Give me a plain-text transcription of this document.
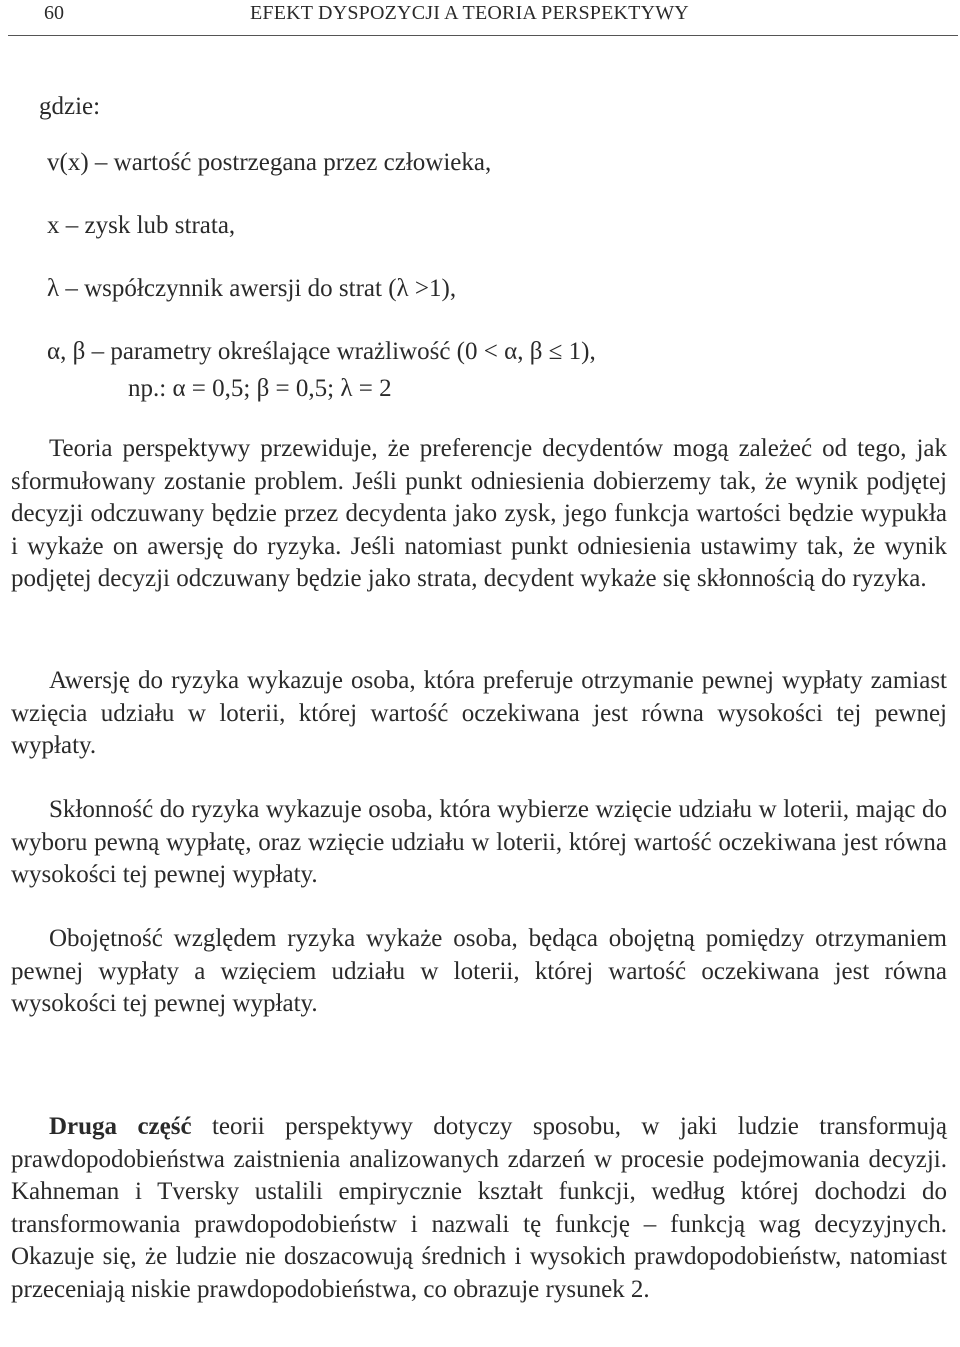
60	EFEKT DYSPOZYCJI A TEORIA PERSPEKTYWY
gdzie:
v(x) – wartość postrzegana przez człowieka,
x – zysk lub strata,
λ – współczynnik awersji do strat (λ >1),
α, β – parametry określające wrażliwość (0 < α, β ≤ 1),
np.: α = 0,5; β = 0,5; λ = 2
Teoria perspektywy przewiduje, że preferencje decydentów mogą zależeć od tego, jak sformułowany zostanie problem. Jeśli punkt odniesienia dobierzemy tak, że wynik podjętej decyzji odczuwany będzie przez decydenta jako zysk, jego funkcja wartości będzie wypukła i wykaże on awersję do ryzyka. Jeśli natomiast punkt odniesienia ustawimy tak, że wynik podjętej decyzji odczuwany będzie jako strata, decydent wykaże się skłonnością do ryzyka.
Awersję do ryzyka wykazuje osoba, która preferuje otrzymanie pewnej wypłaty zamiast wzięcia udziału w loterii, której wartość oczekiwana jest równa wysokości tej pewnej wypłaty.
Skłonność do ryzyka wykazuje osoba, która wybierze wzięcie udziału w loterii, mając do wyboru pewną wypłatę, oraz wzięcie udziału w loterii, której wartość oczekiwana jest równa wysokości tej pewnej wypłaty.
Obojętność względem ryzyka wykaże osoba, będąca obojętną pomiędzy otrzymaniem pewnej wypłaty a wzięciem udziału w loterii, której wartość oczekiwana jest równa wysokości tej pewnej wypłaty.
Druga część teorii perspektywy dotyczy sposobu, w jaki ludzie transformują prawdopodobieństwa zaistnienia analizowanych zdarzeń w procesie podejmowania decyzji. Kahneman i Tversky ustalili empirycznie kształt funkcji, według której dochodzi do transformowania prawdopodobieństw i nazwali tę funkcję – funkcją wag decyzyjnych. Okazuje się, że ludzie nie doszacowują średnich i wysokich prawdopodobieństw, natomiast przeceniają niskie prawdopodobieństwa, co obrazuje rysunek 2.
